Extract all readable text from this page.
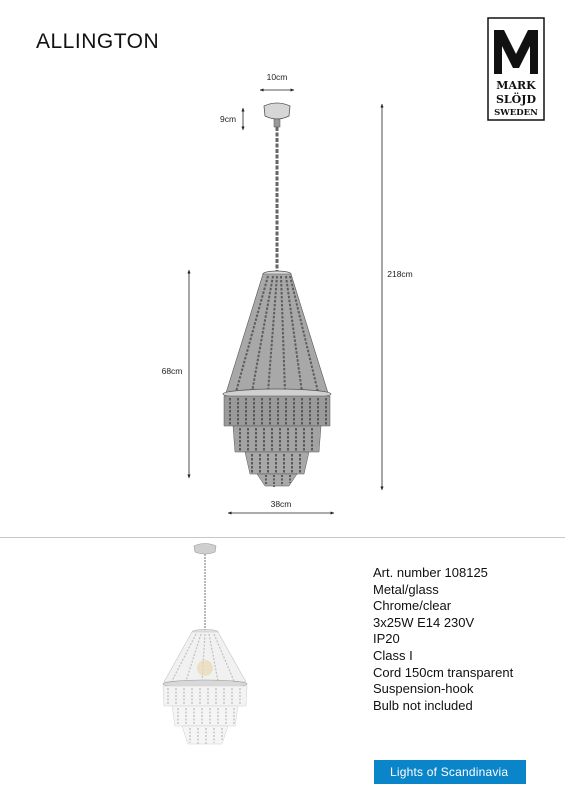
ALLINGTON
MARK
SLÖJD
SWEDEN
10cm
9cm
218cm
68cm
38cm
Art. number 108125
Metal/glass
Chrome/clear
3x25W E14 230V
IP20
Class I
Cord 150cm transparent
Suspension-hook
Bulb not included
Lights of Scandinavia
